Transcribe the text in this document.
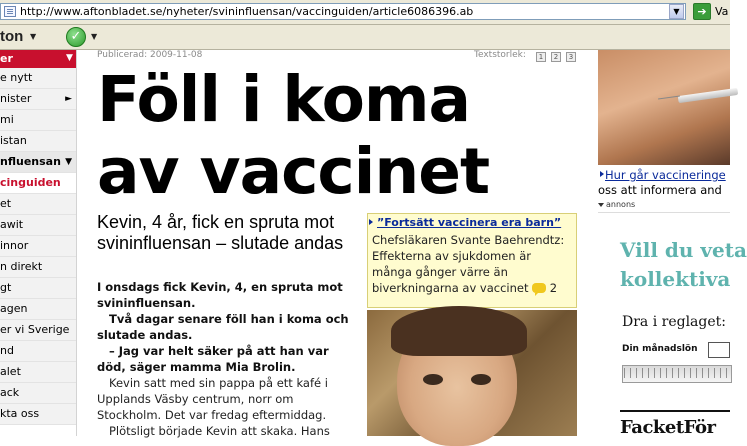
http://www.aftonbladet.se/nyheter/svininfluensan/vaccinguiden/article6086396.ab	▼	➔ Va
ton ▼	✓	▼
er	▼
e nytt
nister	►
mi
istan
nfluensan ▼
cinguiden
et
awit
innor
n direkt
gt
agen
er vi Sverige
nd
alet
ack
kta oss
Publicerad: 2009-11-08	Textstorlek:	1	2	3
Föll i koma
av vaccinet
Kevin, 4 år, fick en spruta mot svininfluensan – slutade andas

I onsdags fick Kevin, 4, en spruta mot svininfluensan.

Två dagar senare föll han i koma och slutade andas.

– Jag var helt säker på att han var död, säger mamma Mia Brolin.

Kevin satt med sin pappa på ett kafé i Upplands Väsby centrum, norr om Stockholm. Det var fredag eftermiddag.

Plötsligt började Kevin att skaka. Hans

”Fortsätt vaccinera era barn”
Chefsläkaren Svante Baehrendtz: Effekterna av sjukdomen är många gånger värre än biverkningarna av vaccinet 2
Hur går vaccineringe
oss att informera and
annons
Vill du veta
kollektiva
Dra i reglaget:
Din månadslön
FacketFör
